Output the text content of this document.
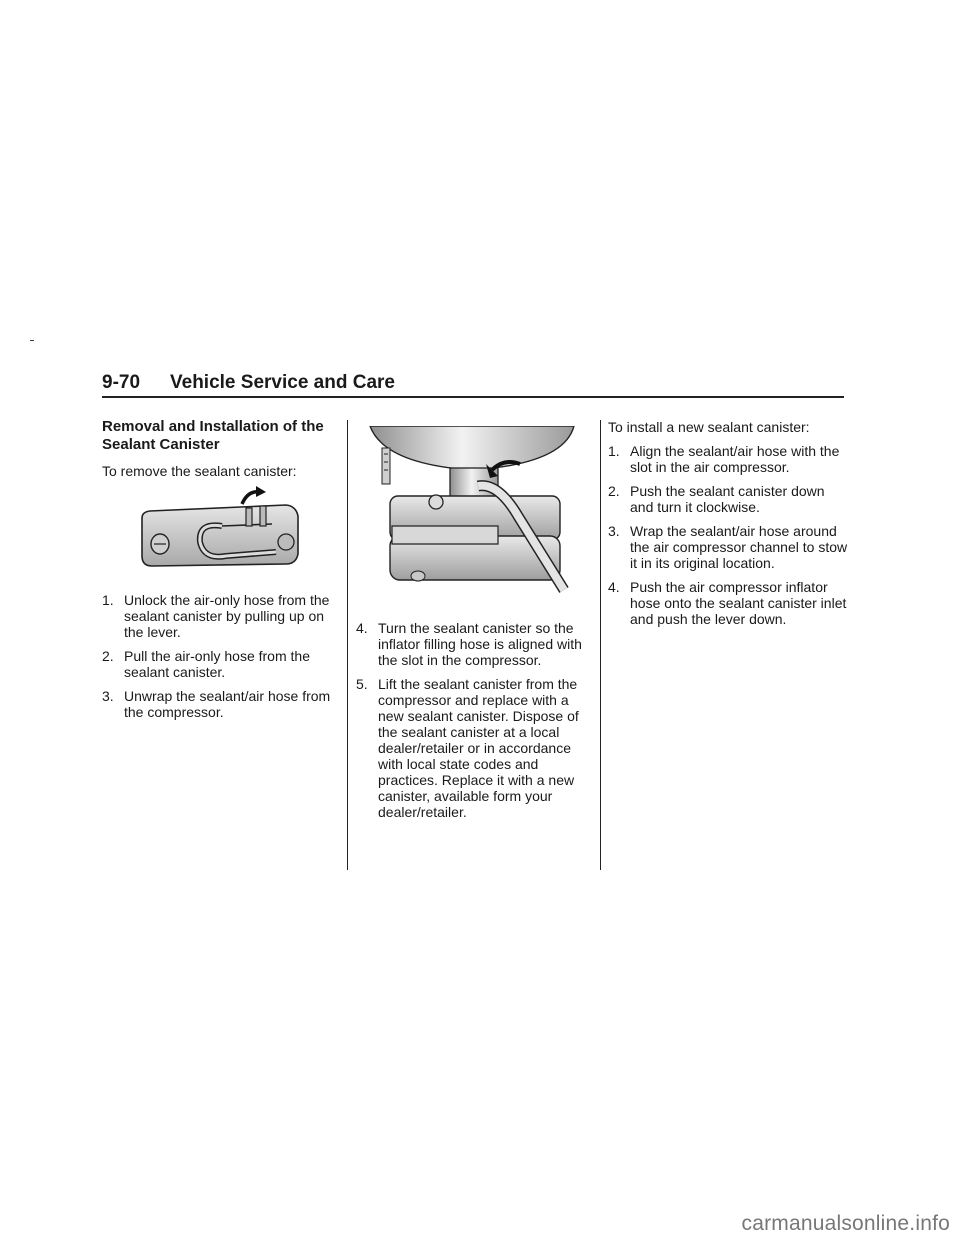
9-70 Vehicle Service and Care
Removal and Installation of the Sealant Canister
To remove the sealant canister:
1. Unlock the air-only hose from the sealant canister by pulling up on the lever.
2. Pull the air-only hose from the sealant canister.
3. Unwrap the sealant/air hose from the compressor.
4. Turn the sealant canister so the inflator filling hose is aligned with the slot in the compressor.
5. Lift the sealant canister from the compressor and replace with a new sealant canister. Dispose of the sealant canister at a local dealer/retailer or in accordance with local state codes and practices. Replace it with a new canister, available form your dealer/retailer.
To install a new sealant canister:
1. Align the sealant/air hose with the slot in the air compressor.
2. Push the sealant canister down and turn it clockwise.
3. Wrap the sealant/air hose around the air compressor channel to stow it in its original location.
4. Push the air compressor inflator hose onto the sealant canister inlet and push the lever down.
carmanualsonline.info
